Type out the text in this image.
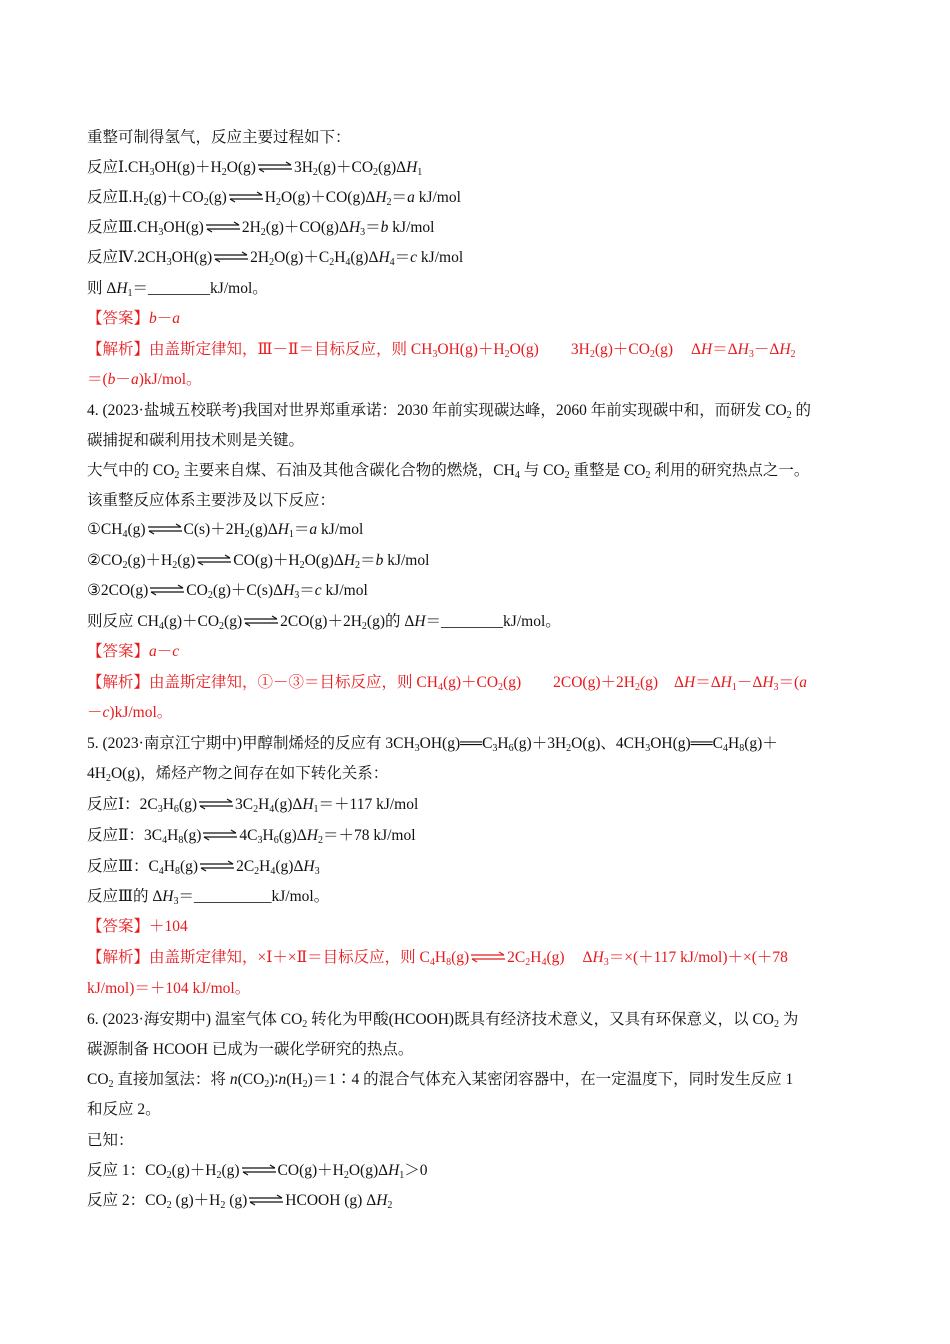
重整可制得氢气，反应主要过程如下：
反应$Ⅰ.CH_3OH(g)+H_2O(g)\rightleftharpoons 3H_2(g)+CO_2(g)\Delta H_1$
反应$Ⅱ.H_2(g)+CO_2(g)\rightleftharpoons H_2O(g)+CO(g)\Delta H_2=a$ kJ/mol
反应$Ⅲ.CH_3OH(g)\rightleftharpoons 2H_2(g)+CO(g)\Delta H_3=b$ kJ/mol
反应$Ⅳ.2CH_3OH(g)\rightleftharpoons 2H_2O(g)+C_2H_4(g)\Delta H_4=c$ kJ/mol
则 $\Delta H_1=\_\_\_\_\_\_\_\_kJ$/mol。
【答案】b－a
【解析】由盖斯定律知，Ⅲ－Ⅱ＝目标反应，则 $CH_3OH(g)+H_2O(g)$ $3H_2(g)+CO_2(g)$ $\Delta H=\Delta H_3-\Delta H_2$
＝(b－a)kJ/mol。
4. (2023·盐城五校联考)我国对世界郑重承诺：2030 年前实现碳达峰，2060 年前实现碳中和，而研发 $CO_2$ 的
碳捕捉和碳利用技术则是关键。
大气中的 $CO_2$ 主要来自煤、石油及其他含碳化合物的燃烧，$CH_4$ 与 $CO_2$ 重整是 $CO_2$ 利用的研究热点之一。
该重整反应体系主要涉及以下反应：
$①CH_4(g)\rightleftharpoons C(s)+2H_2(g)\Delta H_1=a$ kJ/mol
$②CO_2(g)+H_2(g)\rightleftharpoons CO(g)+H_2O(g)\Delta H_2=b$ kJ/mol
$③2CO(g)\rightleftharpoons CO_2(g)+C(s)\Delta H_3=c$ kJ/mol
则反应 $CH_4(g)+CO_2(g)\rightleftharpoons 2CO(g)+2H_2(g)$的 ΔH＝________kJ/mol。
【答案】a－c
【解析】由盖斯定律知，①－③＝目标反应，则 $CH_4(g)+CO_2(g)$ $2CO(g)+2H_2(g)$ $\Delta H=\Delta H_1-\Delta H_3=(a$
－c)kJ/mol。
5. (2023·南京江宁期中)甲醇制烯烃的反应有 $3CH_3OH(g)══C_3H_6(g)+3H_2O(g)$、$4CH_3OH(g)══C_4H_8(g)+$
$4H_2O(g)$，烯烃产物之间存在如下转化关系：
反应Ⅰ：$2C_3H_6(g)\rightleftharpoons 3C_2H_4(g)\Delta H_1=+117$ kJ/mol
反应Ⅱ：$3C_4H_8(g)\rightleftharpoons 4C_3H_6(g)\Delta H_2=+78$ kJ/mol
反应Ⅲ：$C_4H_8(g)\rightleftharpoons 2C_2H_4(g)\Delta H_3$
反应Ⅲ的 $\Delta H_3=\_\_\_\_\_\_\_\_\_\_kJ$/mol。
【答案】＋104
【解析】由盖斯定律知，×Ⅰ＋×Ⅱ＝目标反应，则 $C_4H_8(g)\rightleftharpoons 2C_2H_4(g)$ $\Delta H_3=\times(+117$ kJ/mol)＋×(＋78
kJ/mol)＝＋104 kJ/mol。
6. (2023·海安期中) 温室气体 $CO_2$ 转化为甲酸(HCOOH)既具有经济技术意义，又具有环保意义，以 $CO_2$ 为
碳源制备 HCOOH 已成为一碳化学研究的热点。
$CO_2$ 直接加氢法：将 $n(CO_2)∶n(H_2)=1∶4$ 的混合气体充入某密闭容器中，在一定温度下，同时发生反应 1
和反应 2。
已知：
反应 1：$CO_2(g)+H_2(g)\rightleftharpoons CO(g)+H_2O(g)\Delta H_1>0$
反应 2：$CO_2$ $(g)+H_2$ (g)⇌HCOOH (g) $\Delta H_2$
